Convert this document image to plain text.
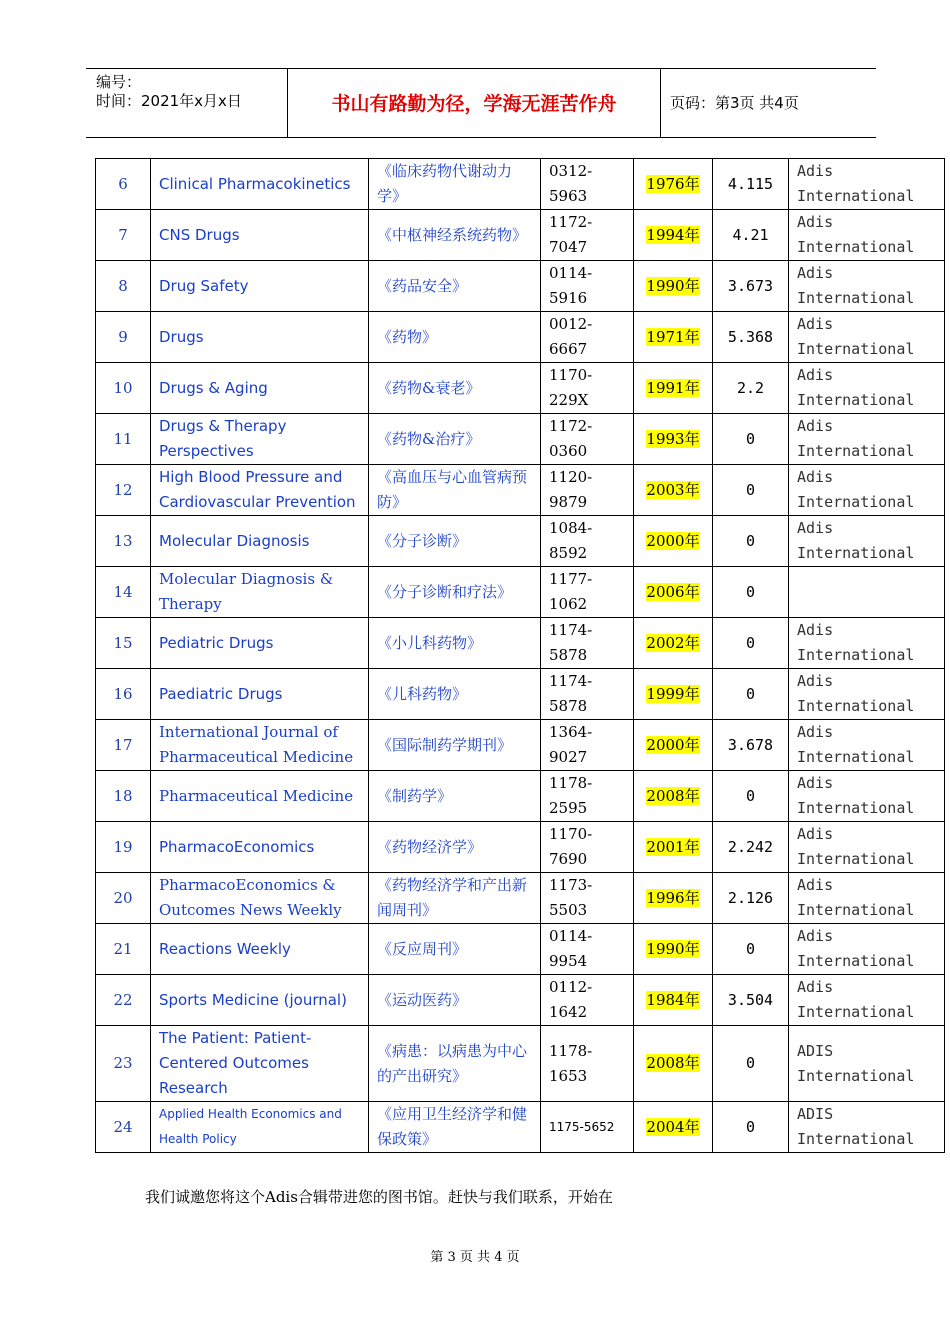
编号：
时间：2021年x月x日	书山有路勤为径，学海无涯苦作舟	页码：第3页 共4页
6	Clinical Pharmacokinetics	《临床药物代谢动力学》	0312-5963	1976年	4.115	Adis International
7	CNS Drugs	《中枢神经系统药物》	1172-7047	1994年	4.21	Adis International
8	Drug Safety	《药品安全》	0114-5916	1990年	3.673	Adis International
9	Drugs	《药物》	0012-6667	1971年	5.368	Adis International
10	Drugs & Aging	《药物&衰老》	1170-229X	1991年	2.2	Adis International
11	Drugs & Therapy Perspectives	《药物&治疗》	1172-0360	1993年	0	Adis International
12	High Blood Pressure and Cardiovascular Prevention	《高血压与心血管病预防》	1120-9879	2003年	0	Adis International
13	Molecular Diagnosis	《分子诊断》	1084-8592	2000年	0	Adis International
14	Molecular Diagnosis & Therapy	《分子诊断和疗法》	1177-1062	2006年	0	
15	Pediatric Drugs	《小儿科药物》	1174-5878	2002年	0	Adis International
16	Paediatric Drugs	《儿科药物》	1174-5878	1999年	0	Adis International
17	International Journal of Pharmaceutical Medicine	《国际制药学期刊》	1364-9027	2000年	3.678	Adis International
18	Pharmaceutical Medicine	《制药学》	1178-2595	2008年	0	Adis International
19	PharmacoEconomics	《药物经济学》	1170-7690	2001年	2.242	Adis International
20	PharmacoEconomics & Outcomes News Weekly	《药物经济学和产出新闻周刊》	1173-5503	1996年	2.126	Adis International
21	Reactions Weekly	《反应周刊》	0114-9954	1990年	0	Adis International
22	Sports Medicine (journal)	《运动医药》	0112-1642	1984年	3.504	Adis International
23	The Patient: Patient-Centered Outcomes Research	《病患：以病患为中心的产出研究》	1178-1653	2008年	0	ADIS International
24	Applied Health Economics and Health Policy	《应用卫生经济学和健保政策》	1175-5652	2004年	0	ADIS International
我们诚邀您将这个Adis合辑带进您的图书馆。赶快与我们联系，开始在
第 3 页 共 4 页
